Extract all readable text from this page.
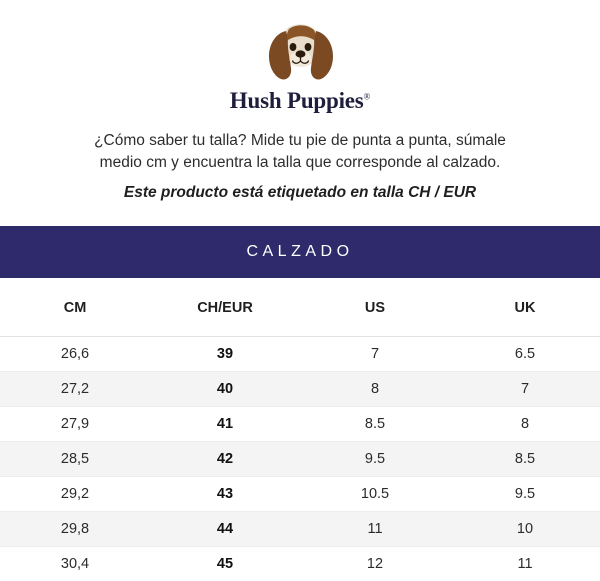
Hush Puppies®
¿Cómo saber tu talla? Mide tu pie de punta a punta, súmale
medio cm y encuentra la talla que corresponde al calzado.
Este producto está etiquetado en talla CH / EUR
CALZADO
CM	CH/EUR	US	UK
26,6	39	7	6.5
27,2	40	8	7
27,9	41	8.5	8
28,5	42	9.5	8.5
29,2	43	10.5	9.5
29,8	44	11	10
30,4	45	12	11
